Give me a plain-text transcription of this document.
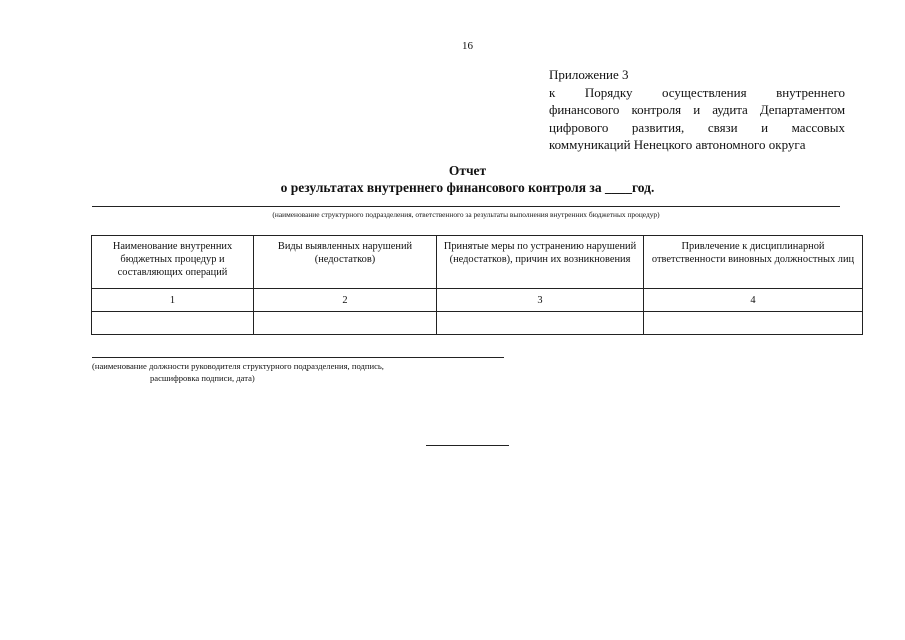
16
Приложение 3
к Порядку осуществления внутреннего
финансового контроля и аудита Департаментом
цифрового развития, связи и массовых
коммуникаций Ненецкого автономного округа
Отчет
о результатах внутреннего финансового контроля за ____год.
(наименование структурного подразделения, ответственного за результаты выполнения внутренних бюджетных процедур)
Наименование внутренних бюджетных процедур и составляющих операций	Виды выявленных нарушений (недостатков)	Принятые меры по устранению нарушений (недостатков), причин их возникновения	Привлечение к дисциплинарной ответственности виновных должностных лиц
1	2	3	4

(наименование должности руководителя структурного подразделения, подпись,
расшифровка подписи, дата)
